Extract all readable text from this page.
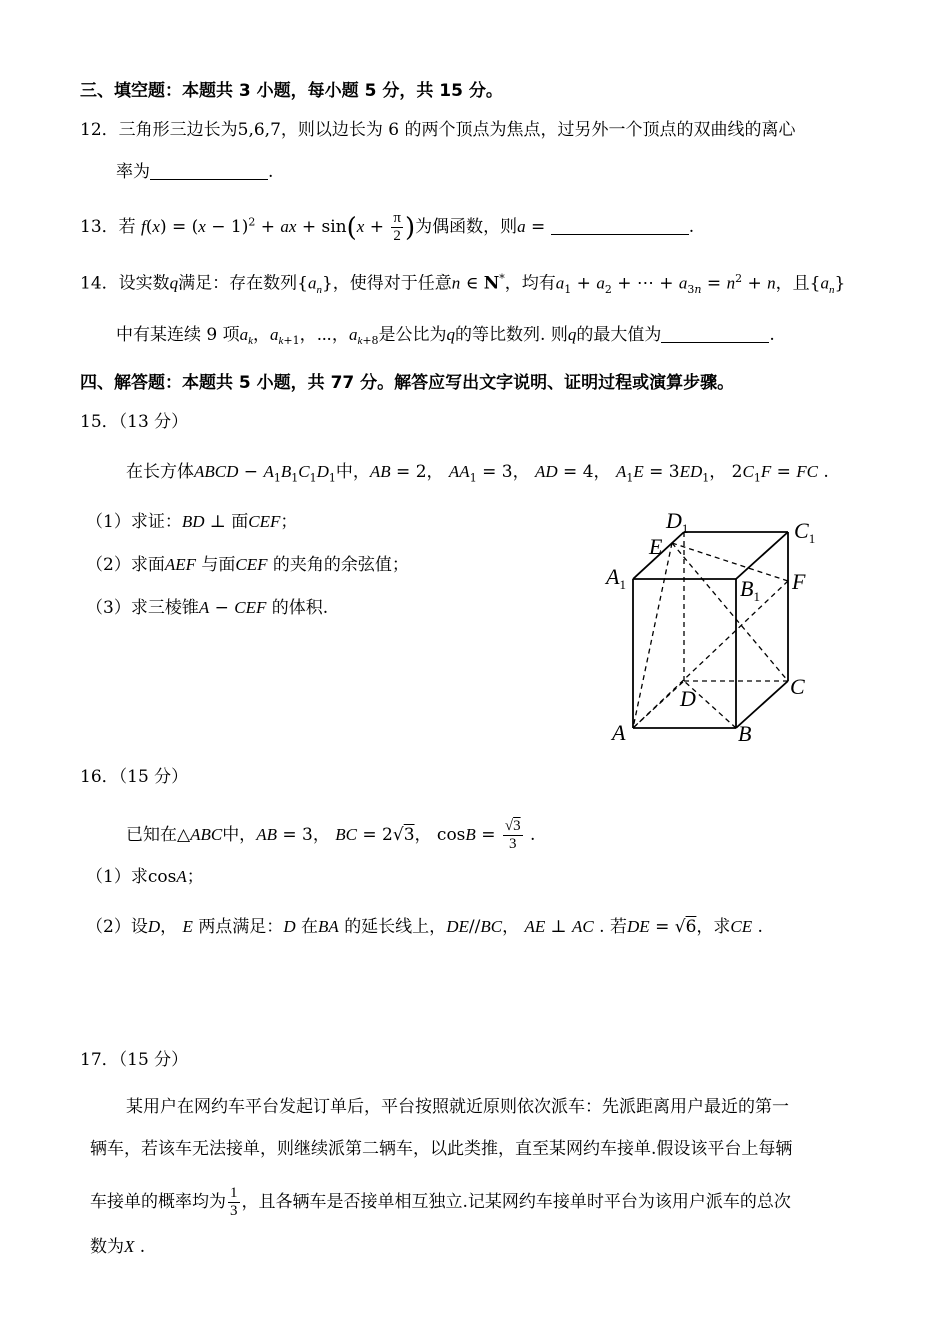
三、填空题：本题共 3 小题，每小题 5 分，共 15 分。
12．三角形三边长为5,6,7，则以边长为 6 的两个顶点为焦点，过另外一个顶点的双曲线的离心
率为	.
13．若 $f(x) = (x - 1)^2$ + ax + $\sin(x + \frac{\pi}{2}$ )为偶函数，则a =	.
14．设实数q满足：存在数列$\{a_n\}$，使得对于任意n ∈ N*，均有$a_1 + a_2$ + ⋯ + $a_{3n} = n^2 + n$，且$\{a_n\}$
中有某连续 9 项$a_k$，$a_{k+1}$，⋯，$a_{k+8}$是公比为q的等比数列. 则q的最大值为	.
四、解答题：本题共 5 小题，共 77 分。解答应写出文字说明、证明过程或演算步骤。
15．（13 分）
在长方体ABCD − $A_1B_1C_1D_1$中，AB = 2， $AA_1 = 3$， AD = 4， $A_1E = 3ED_1$， $2C_1F$ = FC .
（1）求证：BD ⊥ 面CEF；
（2）求面AEF 与面CEF 的夹角的余弦值；
（3）求三棱锥A − CEF 的体积.
$D_1$	$C_1$
E
$A_1$	$B_1$
F
D	C
A	B
16．（15 分）
已知在△ABC中，AB = 3， BC = 2√3， $\cos B = \frac{√3}{3}$ .
（1）求cosA；
（2）设D， E 两点满足：D 在BA 的延长线上，DE//BC， AE ⊥ AC . 若DE = √6，求CE .
17．（15 分）
某用户在网约车平台发起订单后，平台按照就近原则依次派车：先派距离用户最近的第一
辆车，若该车无法接单，则继续派第二辆车，以此类推，直至某网约车接单.假设该平台上每辆
车接单的概率均为 $\frac{1}{3}$ ，且各辆车是否接单相互独立.记某网约车接单时平台为该用户派车的总次
数为X .
